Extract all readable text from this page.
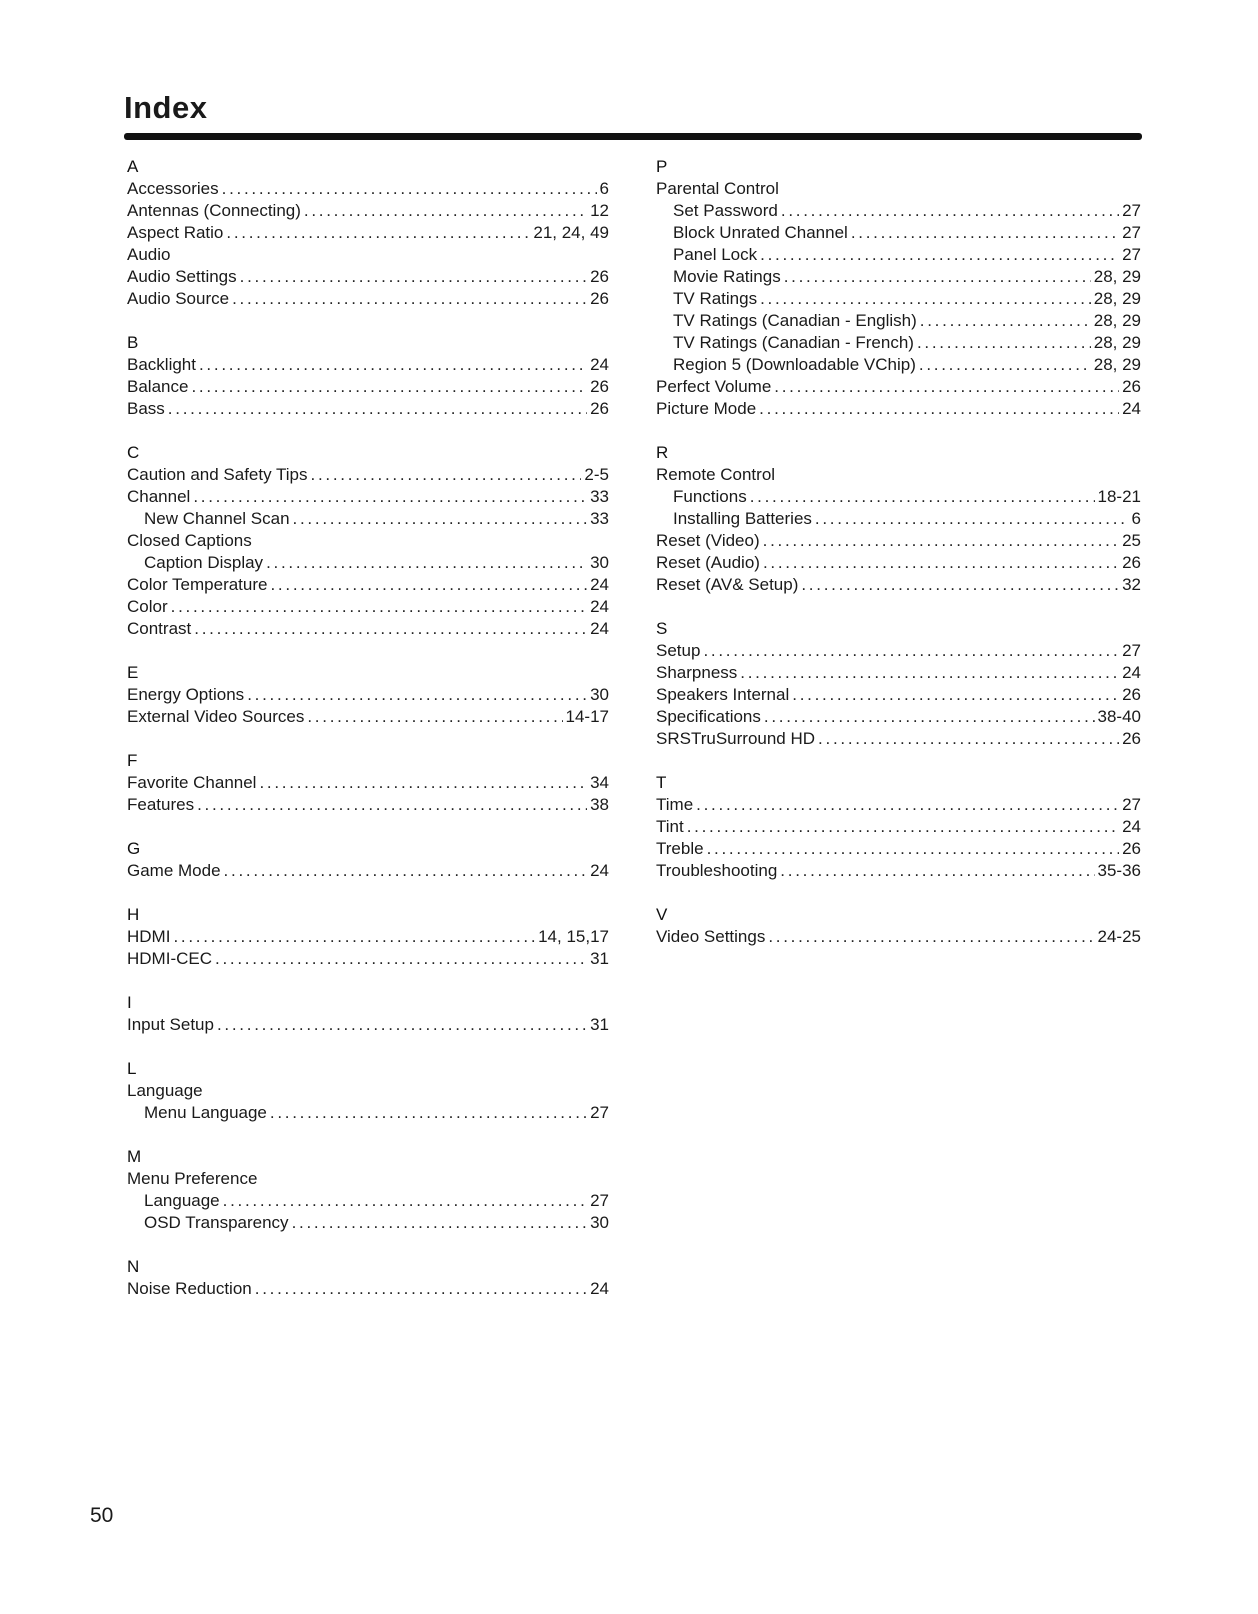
Index
A
Accessories . . .	6
Antennas (Connecting) . . .	12
Aspect Ratio . . .	21, 24, 49
Audio
Audio Settings . . .	26
Audio Source . . .	26
B
Backlight . . .	24
Balance . . .	26
Bass . . .	26
C
Caution and Safety Tips . . .	2-5
Channel . . .	33
New Channel Scan . . .	33
Closed Captions
Caption Display . . .	30
Color Temperature . . .	24
Color . . .	24
Contrast . . .	24
E
Energy Options . . .	30
External Video Sources . . .	14-17
F
Favorite Channel . . .	34
Features . . .	38
G
Game Mode . . .	24
H
HDMI . . .	14, 15,17
HDMI-CEC . . .	31
I
Input Setup . . .	31
L
Language
Menu Language . . .	27
M
Menu Preference
Language . . .	27
OSD Transparency . . .	30
N
Noise Reduction . . .	24
P
Parental Control
Set Password . . .	27
Block Unrated Channel . . .	27
Panel Lock . . .	27
Movie Ratings . . .	28, 29
TV Ratings . . .	28, 29
TV Ratings (Canadian - English) . . .	28, 29
TV Ratings (Canadian - French) . . .	28, 29
Region 5 (Downloadable VChip) . . .	28, 29
Perfect Volume . . .	26
Picture Mode . . .	24
R
Remote Control
Functions . . .	18-21
Installing Batteries . . .	6
Reset (Video) . . .	25
Reset (Audio) . . .	26
Reset (AV& Setup) . . .	32
S
Setup . . .	27
Sharpness . . .	24
Speakers Internal . . .	26
Specifications . . .	38-40
SRSTruSurround HD . . .	26
T
Time . . .	27
Tint . . .	24
Treble . . .	26
Troubleshooting . . .	35-36
V
Video Settings . . .	24-25
50
